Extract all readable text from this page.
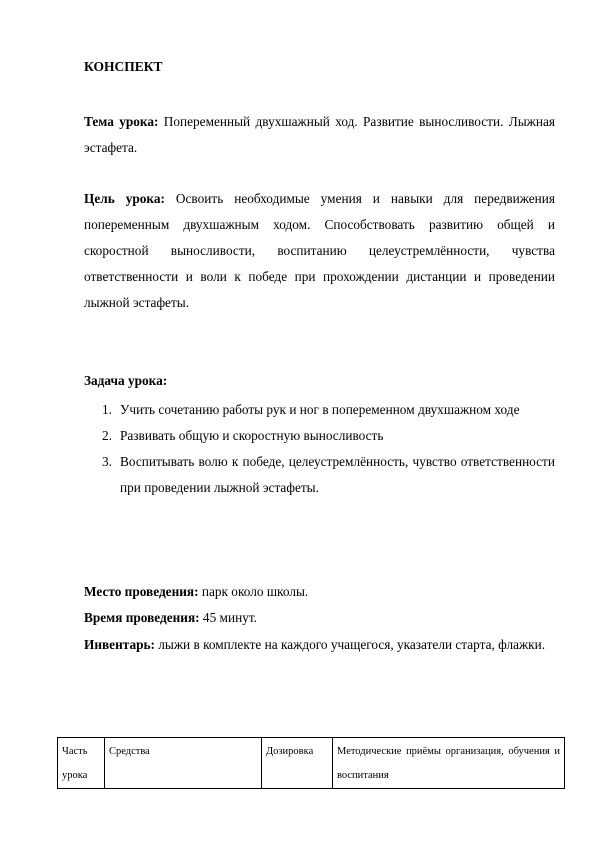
КОНСПЕКТ
Тема урока: Попеременный двухшажный ход. Развитие выносливости. Лыжная эстафета.
Цель урока: Освоить необходимые умения и навыки для передвижения попеременным двухшажным ходом. Способствовать развитию общей и скоростной выносливости, воспитанию целеустремлённости, чувства ответственности и воли к победе при прохождении дистанции и проведении лыжной эстафеты.
Задача урока:
1. Учить сочетанию работы рук и ног в попеременном двухшажном ходе
2. Развивать общую и скоростную выносливость
3. Воспитывать волю к победе, целеустремлённость, чувство ответственности при проведении лыжной эстафеты.
Место проведения: парк около школы.
Время проведения: 45 минут.
Инвентарь: лыжи в комплекте на каждого учащегося, указатели старта, флажки.
Часть урока	Средства	Дозировка	Методические приёмы организация, обучения и воспитания
